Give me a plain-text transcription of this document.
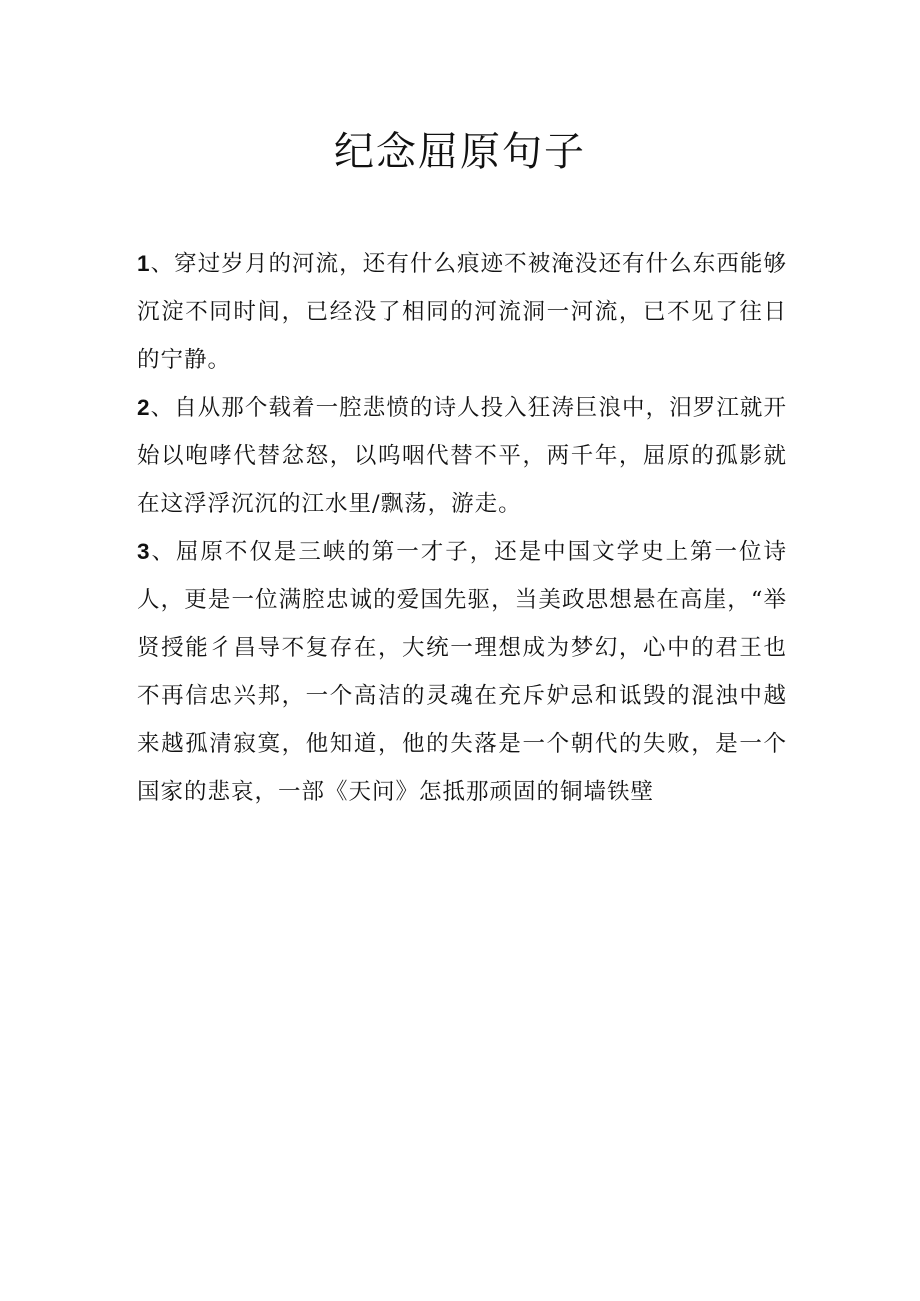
纪念屈原句子

1、穿过岁月的河流，还有什么痕迹不被淹没还有什么东西能够沉淀不同时间，已经没了相同的河流洞一河流，已不见了往日的宁静。

2、自从那个载着一腔悲愤的诗人投入狂涛巨浪中，汨罗江就开始以咆哮代替忿怒，以呜咽代替不平，两千年，屈原的孤影就在这浮浮沉沉的江水里/飘荡，游走。

3、屈原不仅是三峡的第一才子，还是中国文学史上第一位诗人，更是一位满腔忠诚的爱国先驱，当美政思想悬在高崖，“举贤授能彳昌导不复存在，大统一理想成为梦幻，心中的君王也不再信忠兴邦，一个高洁的灵魂在充斥妒忌和诋毁的混浊中越来越孤清寂寞，他知道，他的失落是一个朝代的失败，是一个国家的悲哀，一部《天问》怎抵那顽固的铜墙铁壁
